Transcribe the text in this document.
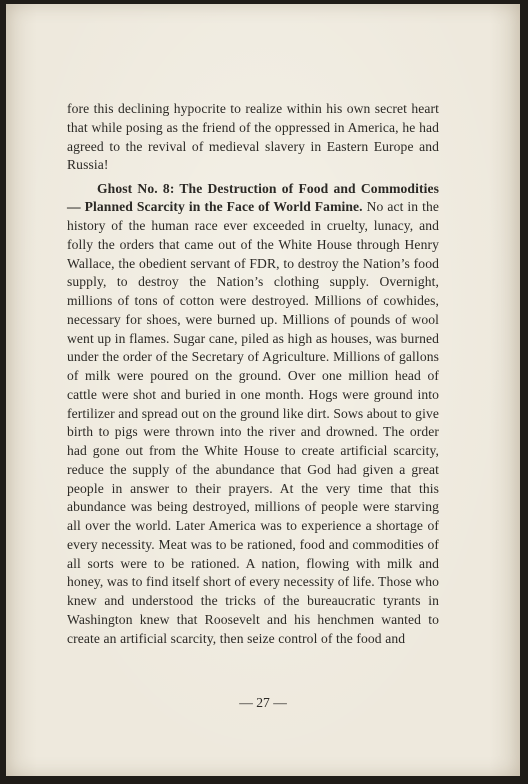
fore this declining hypocrite to realize within his own secret heart that while posing as the friend of the oppressed in America, he had agreed to the revival of medieval slavery in Eastern Europe and Russia!

Ghost No. 8: The Destruction of Food and Commodities — Planned Scarcity in the Face of World Famine. No act in the history of the human race ever exceeded in cruelty, lunacy, and folly the orders that came out of the White House through Henry Wallace, the obedient servant of FDR, to destroy the Nation’s food supply, to destroy the Nation’s clothing supply. Overnight, millions of tons of cotton were destroyed. Millions of cowhides, necessary for shoes, were burned up. Millions of pounds of wool went up in flames. Sugar cane, piled as high as houses, was burned under the order of the Secretary of Agriculture. Millions of gallons of milk were poured on the ground. Over one million head of cattle were shot and buried in one month. Hogs were ground into fertilizer and spread out on the ground like dirt. Sows about to give birth to pigs were thrown into the river and drowned. The order had gone out from the White House to create artificial scarcity, reduce the supply of the abundance that God had given a great people in answer to their prayers. At the very time that this abundance was being destroyed, millions of people were starving all over the world. Later America was to experience a shortage of every necessity. Meat was to be rationed, food and commodities of all sorts were to be rationed. A nation, flowing with milk and honey, was to find itself short of every necessity of life. Those who knew and understood the tricks of the bureaucratic tyrants in Washington knew that Roosevelt and his henchmen wanted to create an artificial scarcity, then seize control of the food and

— 27 —
